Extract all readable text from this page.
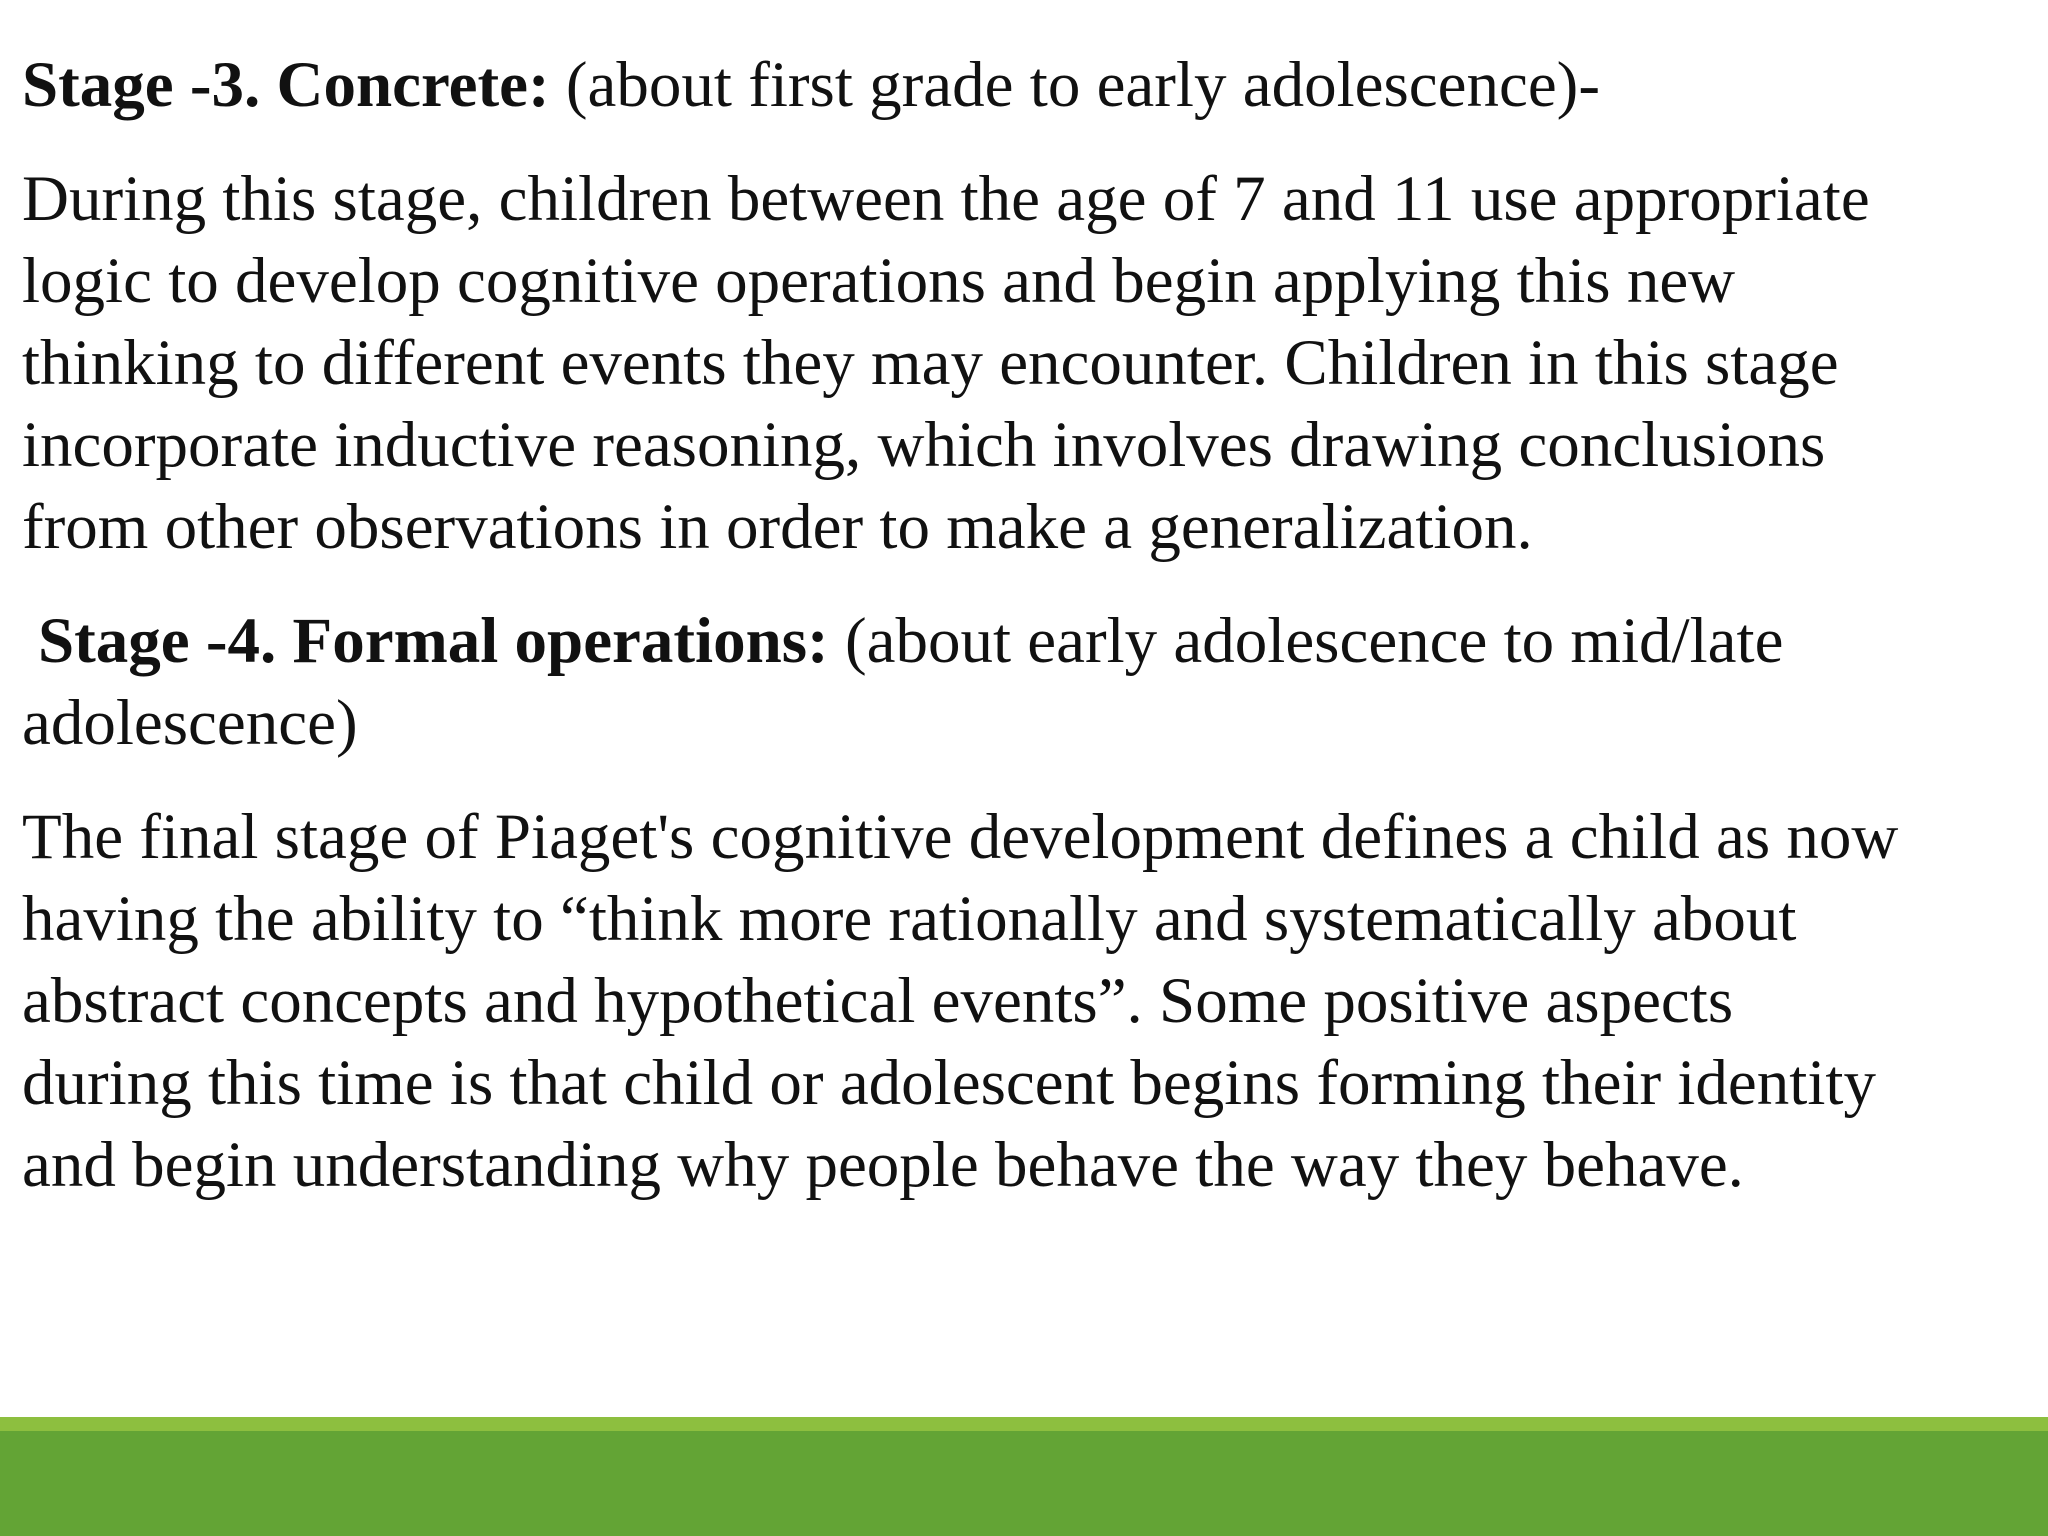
Stage -3. Concrete: (about first grade to early adolescence)-

During this stage, children between the age of 7 and 11 use appropriate
logic to develop cognitive operations and begin applying this new
thinking to different events they may encounter. Children in this stage
incorporate inductive reasoning, which involves drawing conclusions
from other observations in order to make a generalization.

Stage -4. Formal operations: (about early adolescence to mid/late
adolescence)

The final stage of Piaget's cognitive development defines a child as now
having the ability to “think more rationally and systematically about
abstract concepts and hypothetical events”. Some positive aspects
during this time is that child or adolescent begins forming their identity
and begin understanding why people behave the way they behave.
